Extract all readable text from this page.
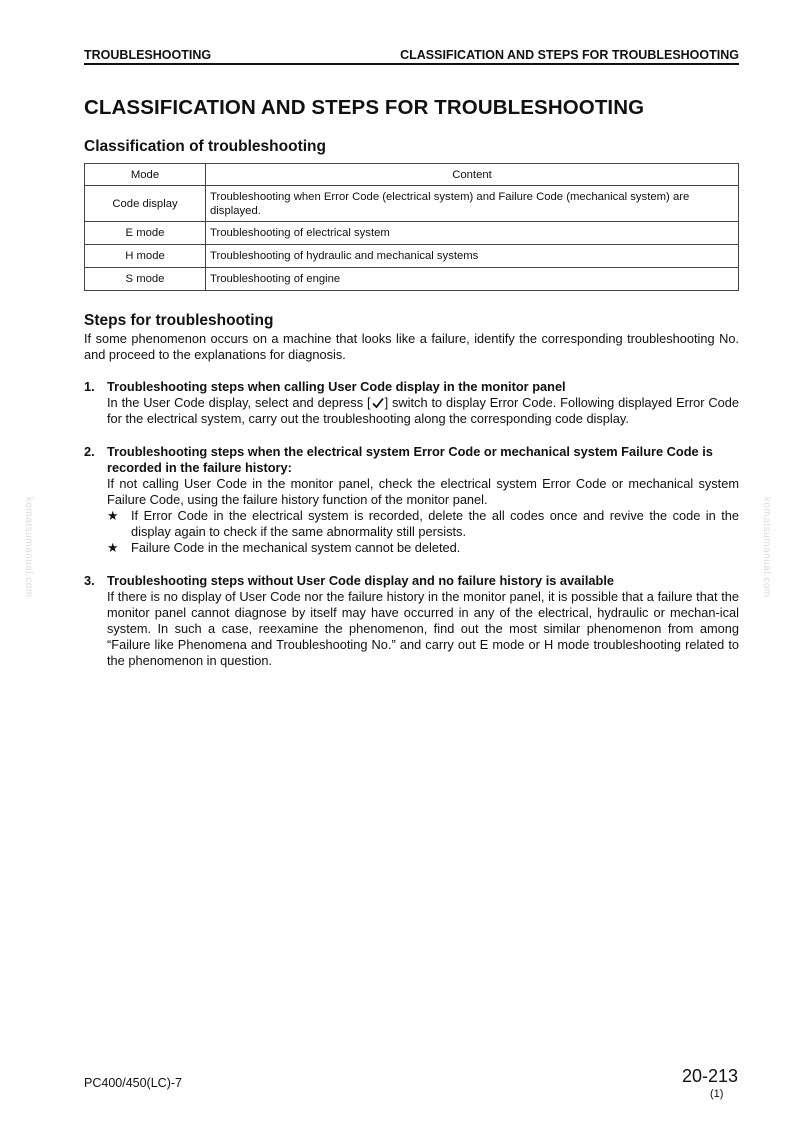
TROUBLESHOOTING	CLASSIFICATION AND STEPS FOR TROUBLESHOOTING
CLASSIFICATION AND STEPS FOR TROUBLESHOOTING
Classification of troubleshooting
Mode	Content
Code display	Troubleshooting when Error Code (electrical system) and Failure Code (mechanical system) are displayed.
E mode	Troubleshooting of electrical system
H mode	Troubleshooting of hydraulic and mechanical systems
S mode	Troubleshooting of engine
Steps for troubleshooting
If some phenomenon occurs on a machine that looks like a failure, identify the corresponding troubleshooting No. and proceed to the explanations for diagnosis.
1. Troubleshooting steps when calling User Code display in the monitor panel
In the User Code display, select and depress [ ] switch to display Error Code. Following displayed Error Code for the electrical system, carry out the troubleshooting along the corresponding code display.
2. Troubleshooting steps when the electrical system Error Code or mechanical system Failure Code is recorded in the failure history:
If not calling User Code in the monitor panel, check the electrical system Error Code or mechanical system Failure Code, using the failure history function of the monitor panel.
★ If Error Code in the electrical system is recorded, delete the all codes once and revive the code in the display again to check if the same abnormality still persists.
★ Failure Code in the mechanical system cannot be deleted.
3. Troubleshooting steps without User Code display and no failure history is available
If there is no display of User Code nor the failure history in the monitor panel, it is possible that a failure that the monitor panel cannot diagnose by itself may have occurred in any of the electrical, hydraulic or mechan-ical system. In such a case, reexamine the phenomenon, find out the most similar phenomenon from among “Failure like Phenomena and Troubleshooting No.” and carry out E mode or H mode troubleshooting related to the phenomenon in question.
komatsumanual.com	komatsumanual.com
PC400/450(LC)-7	20-213
(1)
